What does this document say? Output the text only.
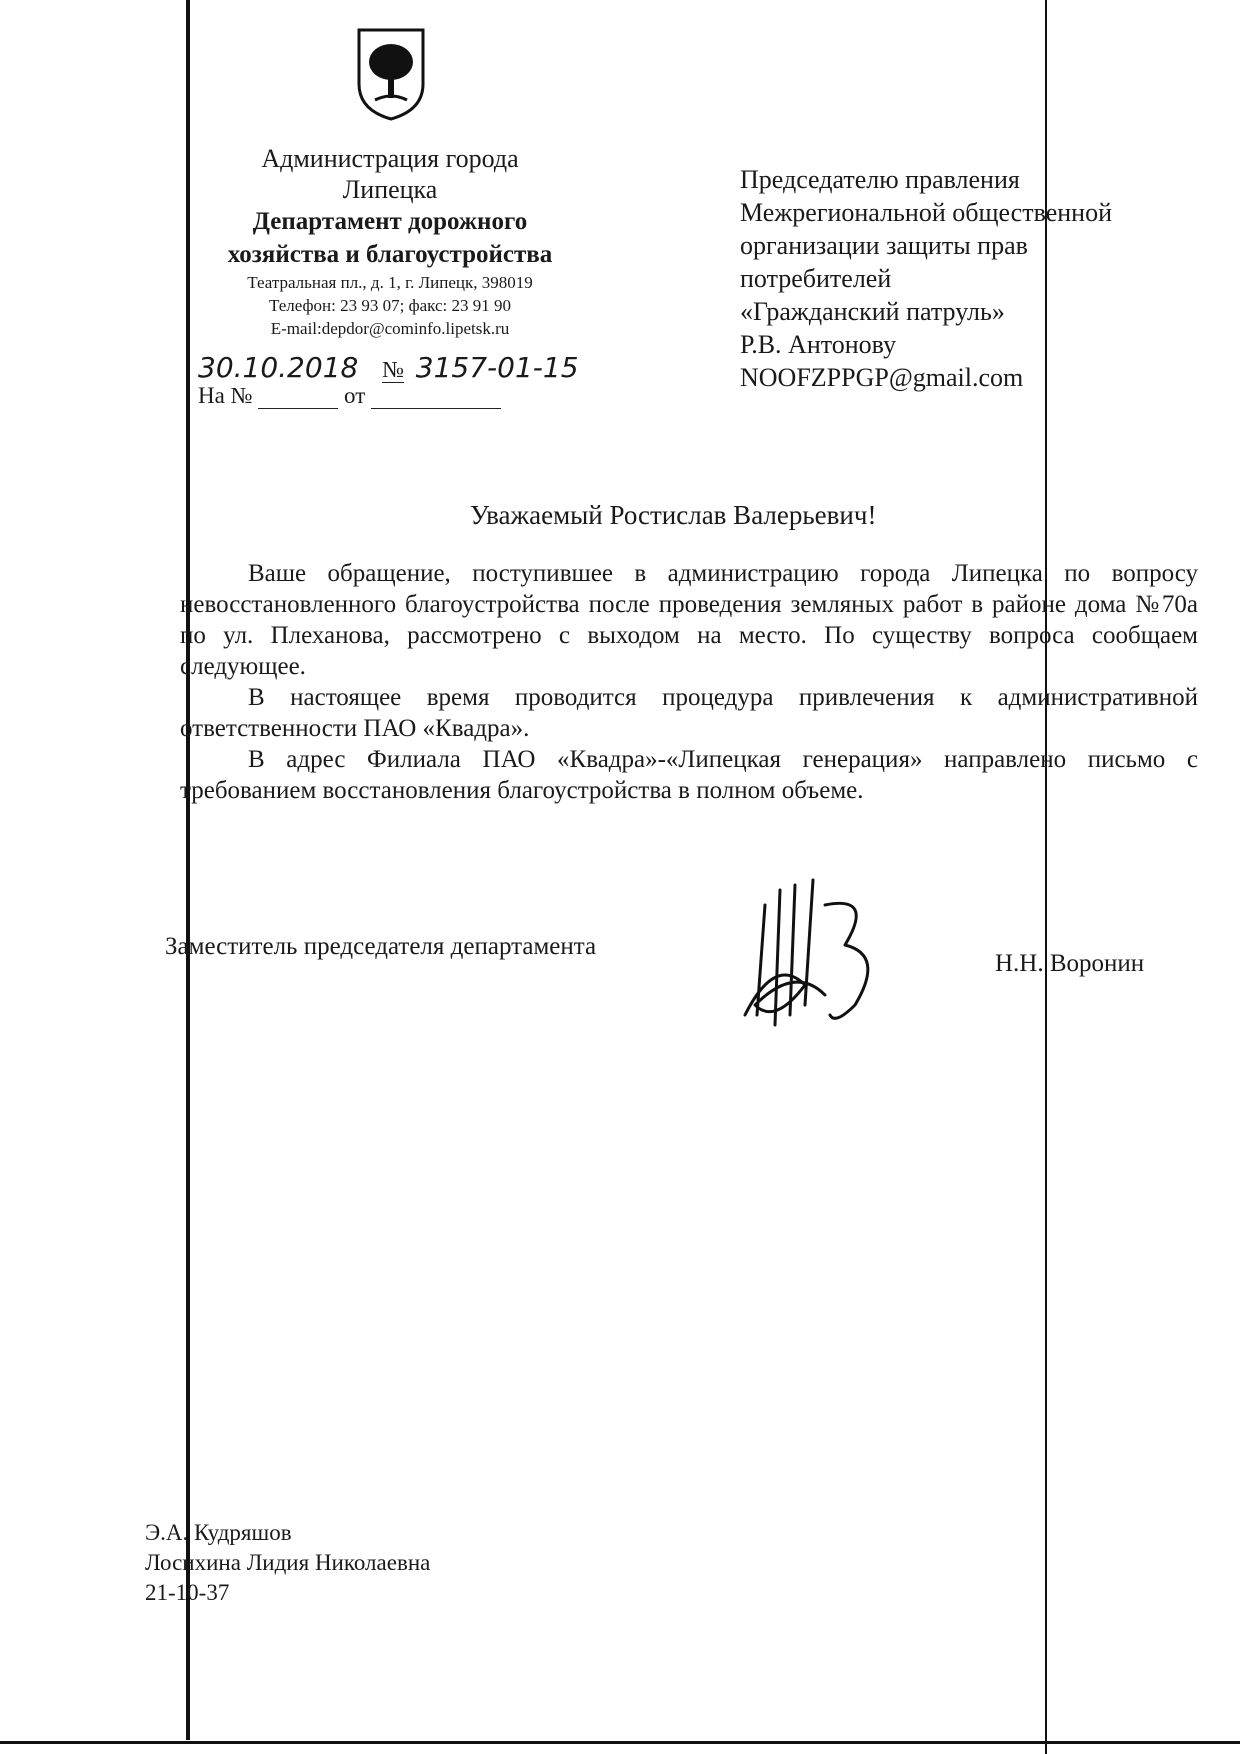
Администрация города
Липецка
Департамент дорожного
хозяйства и благоустройства
Театральная пл., д. 1, г. Липецк, 398019
Телефон: 23 93 07; факс: 23 91 90
E-mail:depdor@cominfo.lipetsk.ru
30.10.2018 № 3157-01-15
На №	от
Председателю правления
Межрегиональной общественной
организации защиты прав
потребителей
«Гражданский патруль»
Р.В. Антонову
NOOFZPPGP@gmail.com
Уважаемый Ростислав Валерьевич!

Ваше обращение, поступившее в администрацию города Липецка по вопросу невосстановленного благоустройства после проведения земляных работ в районе дома №70а по ул. Плеханова, рассмотрено с выходом на место. По существу вопроса сообщаем следующее.

В настоящее время проводится процедура привлечения к административной ответственности ПАО «Квадра».

В адрес Филиала ПАО «Квадра»-«Липецкая генерация» направлено письмо с требованием восстановления благоустройства в полном объеме.

Заместитель председателя департамента
Н.Н. Воронин
Э.А. Кудряшов
Лосихина Лидия Николаевна
21-10-37
